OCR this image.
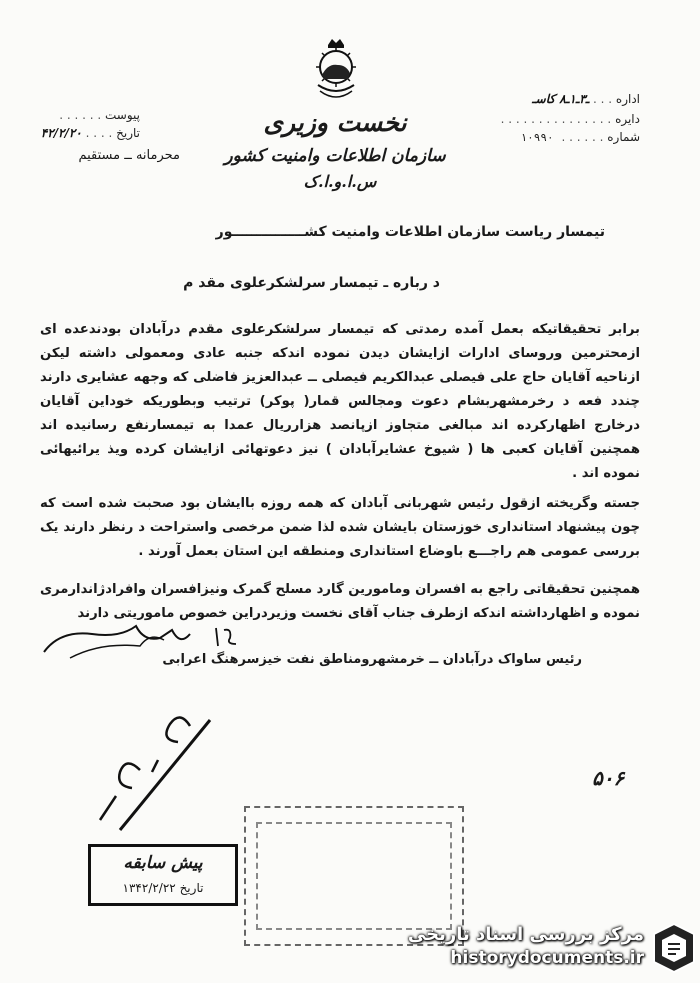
نخست وزیری
سازمان اطلاعات وامنیت کشور
س.ا.و.ا.ک
اداره . . . ـ۳ـ۱ـ۸ کاسـ
دایره . . . . . . . . . . . . . . .
شماره . . . . . . ۱۰۹۹۰
پیوست . . . . . .
تاریخ . . . . ۴۲/۲/۲۰
محرمانه ــ مستقیم
تیمسار ریاست سازمان اطلاعات وامنیت کشـــــــــــــــور
د رباره ـ تیمسار سرلشکرعلوی مقد م
برابر تحقیقاتیکه بعمل آمده رمدتی که تیمسار سرلشکرعلوی مقدم درآبادان بودندعده ای ازمحترمین وروسای ادارات ازایشان دیدن نموده اندکه جنبه عادی ومعمولی داشته لیکن ازناحیه آقایان حاج علی فیصلی عبدالکریم فیصلی ــ عبدالعزیز فاضلی که وجهه عشایری دارند چندد فعه د رخرمشهربشام دعوت ومجالس قمار( پوکر) ترتیب وبطوریکه خوداین آقایان درخارج اظهارکرده اند مبالغی متجاوز ازپانصد هزارریال عمدا به تیمسارنفع رسانیده اند همچنین آقایان کعبی ها ( شیوخ عشایرآبادان ) نیز دعوتهائی ازایشان کرده ویذ یرائیهائی نموده اند .
جسته وگریخته ازقول رئیس شهربانی آبادان که همه روزه باایشان بود صحبت شده است که چون پیشنهاد استانداری خوزستان بایشان شده لذا ضمن مرخصی واستراحت د رنظر دارند یک بررسی عمومی هم راجـــع باوضاع استانداری ومنطقه این استان بعمل آورند .
همچنین تحقیقاتی راجع به افسران ومامورین گارد مسلح گمرک ونیزافسران وافرادژاندارمری نموده و اظهارداشته اندکه ازطرف جناب آقای نخست وزیردراین خصوص ماموریتی دارند
رئیس ساواک درآبادان ــ خرمشهرومناطق نفت خیزسرهنگ اعرابی
۵۰۶
پیش سابقه
تاریخ ۱۳۴۲/۲/۲۲
مرکز بررسی اسناد تاریخی
historydocuments.ir
